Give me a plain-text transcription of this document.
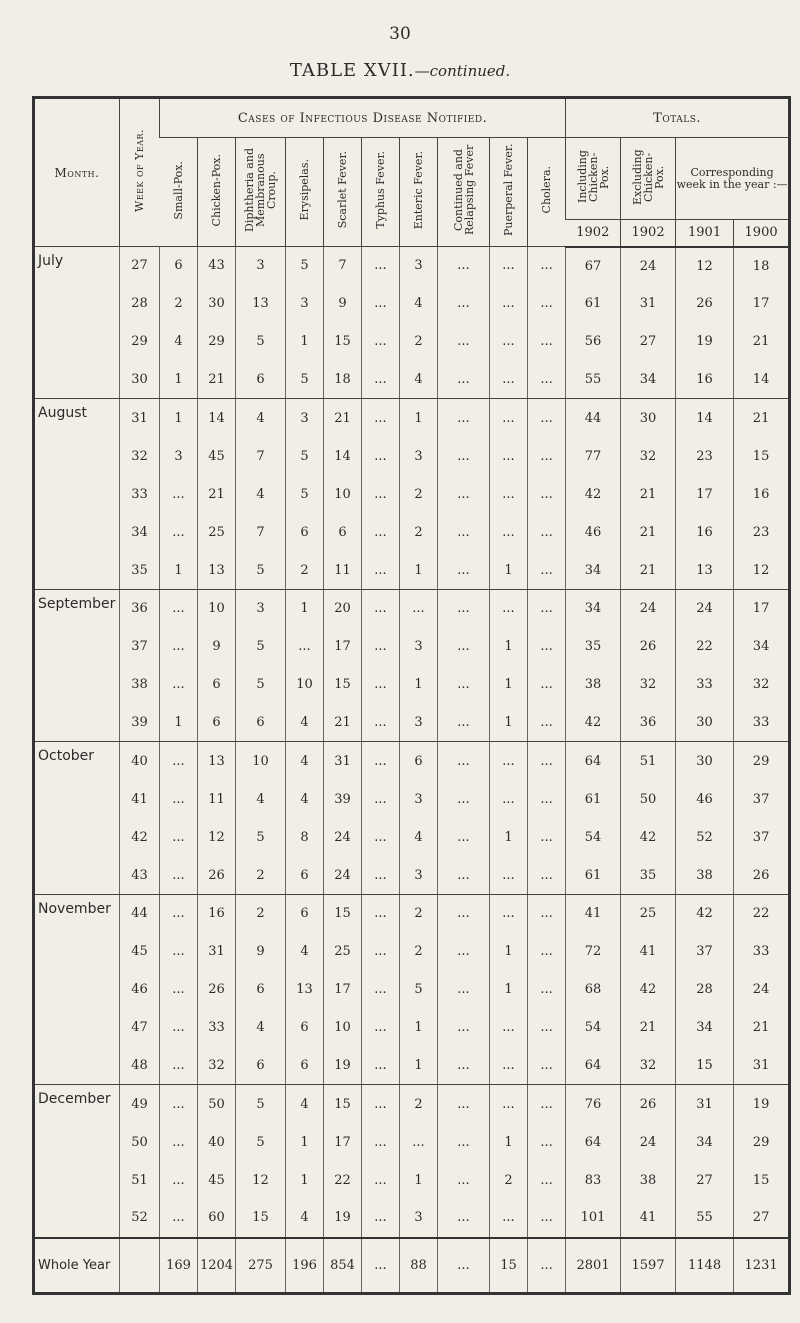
30
TABLE XVII.—continued.
Month.	Week of Year.	Cases of Infectious Disease Notified.										Totals.			
		Small-Pox.	Chicken-Pox.	Diphtheria and Membranous Croup.	Erysipelas.	Scarlet Fever.	Typhus Fever.	Enteric Fever.	Continued and Relapsing Fever	Puerperal Fever.	Cholera.	Including Chicken-Pox.	Excluding Chicken-Pox.	Corresponding week in the year :—	
												1902	1902	1901	1900
July	27	6	43	3	5	7	...	3	...	...	...	67	24	12	18
	28	2	30	13	3	9	...	4	...	...	...	61	31	26	17
	29	4	29	5	1	15	...	2	...	...	...	56	27	19	21
	30	1	21	6	5	18	...	4	...	...	...	55	34	16	14
August	31	1	14	4	3	21	...	1	...	...	...	44	30	14	21
	32	3	45	7	5	14	...	3	...	...	...	77	32	23	15
	33	...	21	4	5	10	...	2	...	...	...	42	21	17	16
	34	...	25	7	6	6	...	2	...	...	...	46	21	16	23
	35	1	13	5	2	11	...	1	...	1	...	34	21	13	12
September	36	...	10	3	1	20	...	...	...	...	...	34	24	24	17
	37	...	9	5	...	17	...	3	...	1	...	35	26	22	34
	38	...	6	5	10	15	...	1	...	1	...	38	32	33	32
	39	1	6	6	4	21	...	3	...	1	...	42	36	30	33
October	40	...	13	10	4	31	...	6	...	...	...	64	51	30	29
	41	...	11	4	4	39	...	3	...	...	...	61	50	46	37
	42	...	12	5	8	24	...	4	...	1	...	54	42	52	37
	43	...	26	2	6	24	...	3	...	...	...	61	35	38	26
November	44	...	16	2	6	15	...	2	...	...	...	41	25	42	22
	45	...	31	9	4	25	...	2	...	1	...	72	41	37	33
	46	...	26	6	13	17	...	5	...	1	...	68	42	28	24
	47	...	33	4	6	10	...	1	...	...	...	54	21	34	21
	48	...	32	6	6	19	...	1	...	...	...	64	32	15	31
December	49	...	50	5	4	15	...	2	...	...	...	76	26	31	19
	50	...	40	5	1	17	...	...	...	1	...	64	24	34	29
	51	...	45	12	1	22	...	1	...	2	...	83	38	27	15
	52	...	60	15	4	19	...	3	...	...	...	101	41	55	27
Whole Year		169	1204	275	196	854	...	88	...	15	...	2801	1597	1148	1231
